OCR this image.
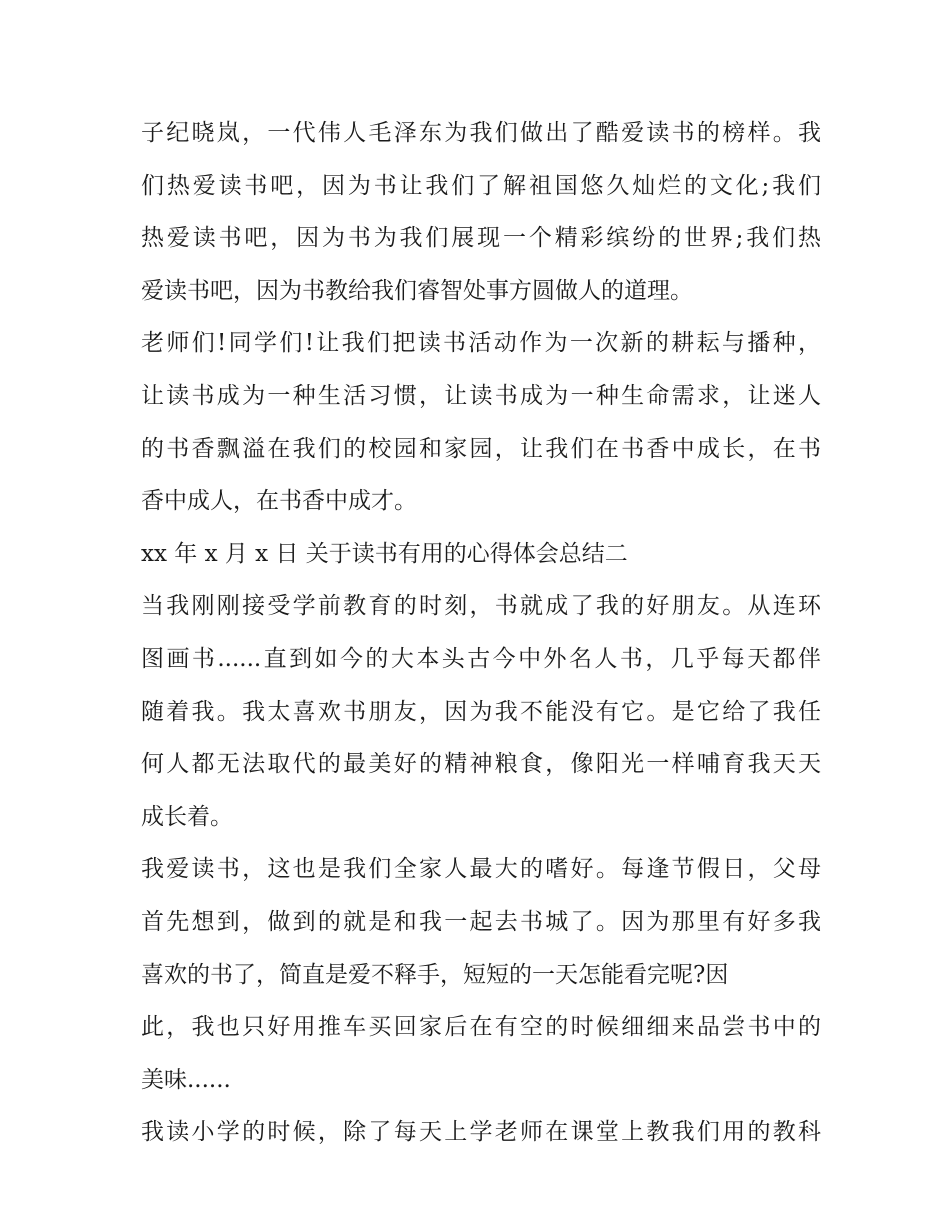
子纪晓岚，一代伟人毛泽东为我们做出了酷爱读书的榜样。我
们热爱读书吧，因为书让我们了解祖国悠久灿烂的文化;我们
热爱读书吧，因为书为我们展现一个精彩缤纷的世界;我们热
爱读书吧，因为书教给我们睿智处事方圆做人的道理。
老师们!同学们!让我们把读书活动作为一次新的耕耘与播种，
让读书成为一种生活习惯，让读书成为一种生命需求，让迷人
的书香飘溢在我们的校园和家园，让我们在书香中成长，在书
香中成人，在书香中成才。
xx 年 x 月 x 日 关于读书有用的心得体会总结二
当我刚刚接受学前教育的时刻，书就成了我的好朋友。从连环
图画书......直到如今的大本头古今中外名人书，几乎每天都伴
随着我。我太喜欢书朋友，因为我不能没有它。是它给了我任
何人都无法取代的最美好的精神粮食，像阳光一样哺育我天天
成长着。
我爱读书，这也是我们全家人最大的嗜好。每逢节假日，父母
首先想到，做到的就是和我一起去书城了。因为那里有好多我
喜欢的书了，简直是爱不释手，短短的一天怎能看完呢?因
此，我也只好用推车买回家后在有空的时候细细来品尝书中的
美味......
我读小学的时候，除了每天上学老师在课堂上教我们用的教科
